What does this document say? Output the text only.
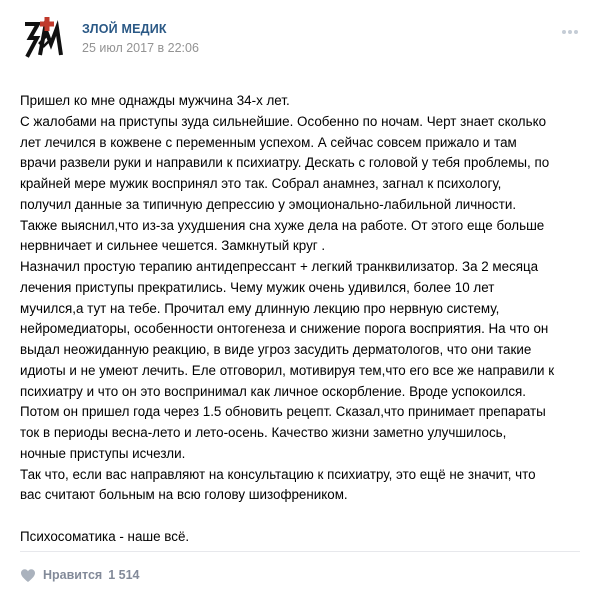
ЗЛОЙ МЕДИК
25 июл 2017 в 22:06

Пришел ко мне однажды мужчина 34-х лет.

С жалобами на приступы зуда сильнейшие. Особенно по ночам. Черт знает сколько

лет лечился в кожвене с переменным успехом. А сейчас совсем прижало и там

врачи развели руки и направили к психиатру. Дескать с головой у тебя проблемы, по

крайней мере мужик воспринял это так. Собрал анамнез, загнал к психологу,

получил данные за типичную депрессию у эмоционально-лабильной личности.

Также выяснил,что из-за ухудшения сна хуже дела на работе. От этого еще больше

нервничает и сильнее чешется. Замкнутый круг .

Назначил простую терапию антидепрессант + легкий транквилизатор. За 2 месяца

лечения приступы прекратились. Чему мужик очень удивился, более 10 лет

мучился,а тут на тебе. Прочитал ему длинную лекцию про нервную систему,

нейромедиаторы, особенности онтогенеза и снижение порога восприятия. На что он

выдал неожиданную реакцию, в виде угроз засудить дерматологов, что они такие

идиоты и не умеют лечить. Еле отговорил, мотивируя тем,что его все же направили к

психиатру и что он это воспринимал как личное оскорбление. Вроде успокоился.

Потом он пришел года через 1.5 обновить рецепт. Сказал,что принимает препараты

ток в периоды весна-лето и лето-осень. Качество жизни заметно улучшилось,

ночные приступы исчезли.

Так что, если вас направляют на консультацию к психиатру, это ещё не значит, что

вас считают больным на всю голову шизофреником.

Психосоматика - наше всё.

Нравится 1 514
